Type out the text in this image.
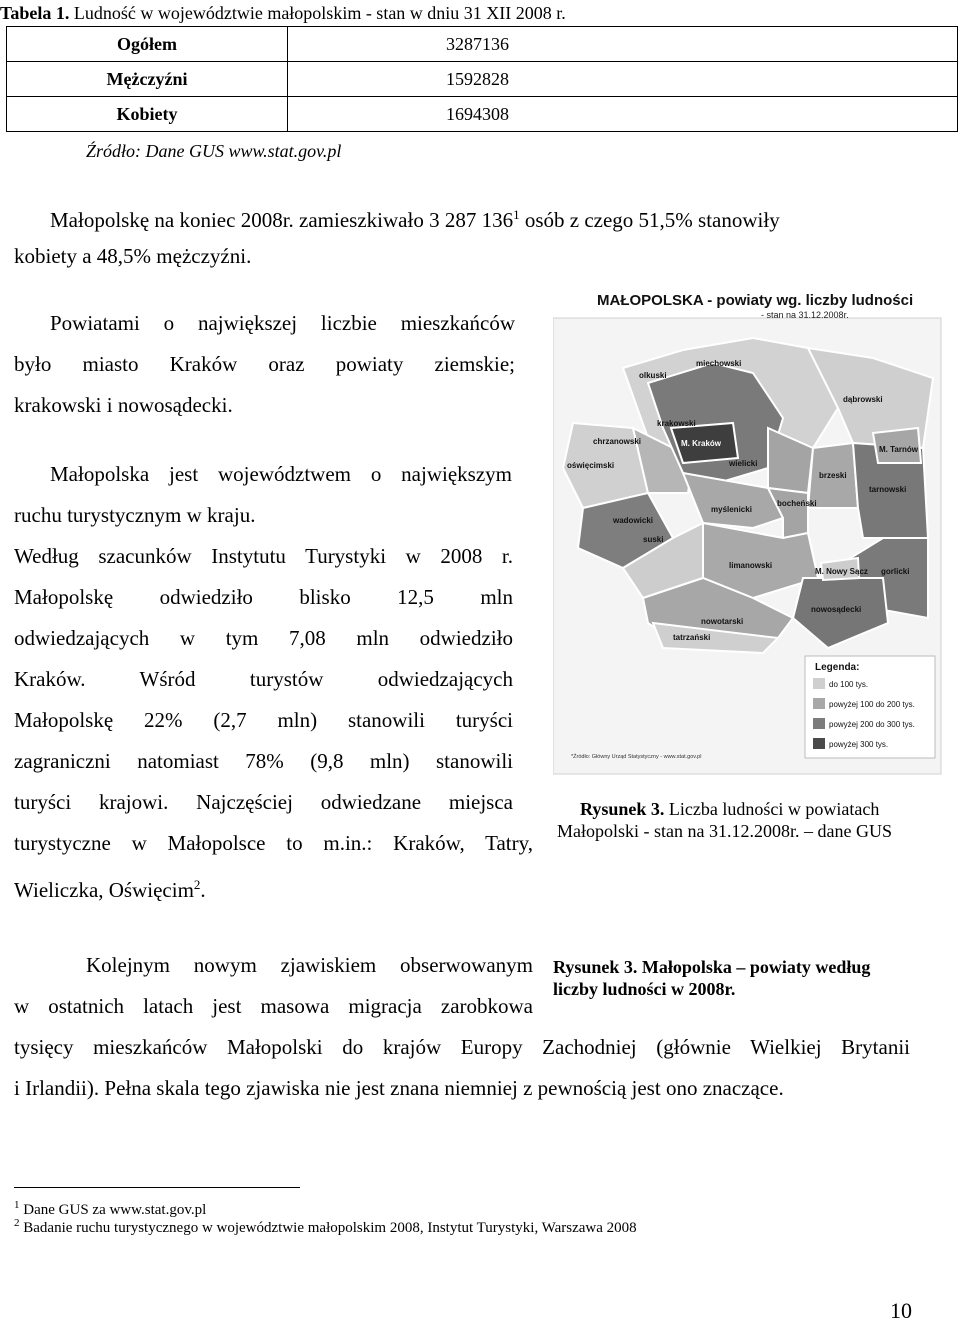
Tabela 1. Ludność w województwie małopolskim - stan w dniu 31 XII 2008 r.
Ogółem	3287136
Mężczyźni	1592828
Kobiety	1694308
Źródło: Dane GUS www.stat.gov.pl
Małopolskę na koniec 2008r. zamieszkiwało 3 287 $136^1$ osób z czego 51,5% stanowiły
kobiety a 48,5% mężczyźni.
Powiatami o największej liczbie mieszkańców
było miasto Kraków oraz powiaty ziemskie;
krakowski i nowosądecki.
Małopolska jest województwem o największym
ruchu turystycznym w kraju.
Według szacunków Instytutu Turystyki w 2008 r.
Małopolskę odwiedziło blisko 12,5 mln
odwiedzających w tym 7,08 mln odwiedziło
Kraków. Wśród turystów odwiedzających
Małopolskę 22% (2,7 mln) stanowili turyści
zagraniczni natomiast 78% (9,8 mln) stanowili
turyści krajowi. Najczęściej odwiedzane miejsca
turystyczne w Małopolsce to m.in.: Kraków, Tatry,
Wieliczka, Oświęcim$^2$.
MAŁOPOLSKA - powiaty wg. liczby ludności
- stan na 31.12.2008r.
miechowski
olkuski
dąbrowski
krakowski
M. Kraków
chrzanowski
M. Tarnów
oświęcimski
wadowicki
wielicki
brzeski
tarnowski
bocheński
myślenicki
suski
limanowski
M. Nowy Sącz gorlicki
nowotarski
nowosądecki
tatrzański
Legenda:
do 100 tys.
powyżej 100 do 200 tys.
powyżej 200 do 300 tys.
powyżej 300 tys.
*Źródło: Główny Urząd Statystyczny - www.stat.gov.pl
Rysunek 3. Liczba ludności w powiatach
Małopolski - stan na 31.12.2008r. – dane GUS
Kolejnym nowym zjawiskiem obserwowanym
w ostatnich latach jest masowa migracja zarobkowa
tysięcy mieszkańców Małopolski do krajów Europy Zachodniej (głównie Wielkiej Brytanii
i Irlandii). Pełna skala tego zjawiska nie jest znana niemniej z pewnością jest ono znaczące.
Rysunek 3. Małopolska – powiaty według
liczby ludności w 2008r.
$^1$ Dane GUS za www.stat.gov.pl
$^2$ Badanie ruchu turystycznego w województwie małopolskim 2008, Instytut Turystyki, Warszawa 2008
10
